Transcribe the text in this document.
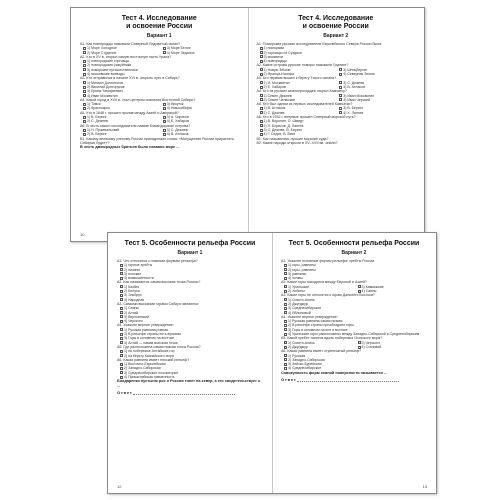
Тест 4. Исследование
и освоение России
Вариант 1
А1. Как новгородцы называли Северный Ледовитый океан?
1) Море Холодное	3) Море Белое
2) Море Студеное	4) Море Ледяное
А2. Кто в XV в. открыл самую восточную часть Урала?
1) новгородские торговцы
2) новгородские ушкуйники
3) поморские путешественники
4) московские воеводы
А3. Кто отправился в начале XVI в. открыть путь в Сибирь?
1) Михаил Долгоногов
2) Василий Долгоруков
3) Ермак Тимофеевич
4) Иван Москвитин
А4. Какой город в XVII в. стал центром освоения Восточной Сибири?
1) Томск	3) Иркутск
2) Красноярск	4) Новосибирск
А5. Кто в 1648 г. прошел пролив между Азией и Америкой?
1) В. Беринг	3) А. Чириков
2) С. Дежнев	4) Е. Хабаров
А6. В честь какого исследователя назван Командорские острова?
1) Н. Пржевальский	3) С. Дежнев
2) В. Беринг	4) В. Атласов
В1. Какому великому ученому России принадлежат слова: «Могущество России прирастать Сибирью будет»?
В честь двоюродных братьев было названо море ...
10
Тест 4. Исследование
и освоение России
Вариант 2
А1. Поморские русские исследователи Европейского Севера России были:
1) поморами
2) торговцы из Суздаля
3) москвичи
4) новгородцы
А2. Какие острова русские поморы называли Грумант?
1) Новую Землю	3) Шпицберген
2) Франца-Иосифа	4) Северная Земля
А3. Кто первым вышел к берегу Тихого океана?
1) И. Москвитин	3) С. Дежнев
2) Е. Хабаров	4) В. Атласов
А4. Кто из русских землепроходцев открыл Камчатку?
1) Семен Дежнев	3) Иван Москвитин
2) Семен Челюскин	4) Иван Черский
А5. Кто был одним из первых исследователей Камчатки?
1) В. Атласов	3) В. Беринг
2) С. Дежнев	4) Х. Лаптев
А6. Кто в 1932 г. впервые прошел Северный морской путь?
1) В. Воронин, О. Шмидт
2) Л. Борисов, Д. Лаптев
3) С. Дежнев, В. Беринг
4) Г. Седов, В. Визе
В1. Как назывались лучшие морские суда?
В2. Какие народы открыли в XV–XVII вв. земли?
Тест 5. Особенности рельефа России
Вариант 1
А1. Что относится к главным формам рельефа?
1) горные хребты
2) низины
3) плоские
4) возвышенности
А2. Как называется самая высокая точка России?
1) Казбек
2) Белуха
3) Эльбрус
4) Народная
А3. Самыми высокими горами Сибири являются:
1) Саяны
2) Алтай
3) Верхоянский
4) Черского
А4. Укажите верное утверждение:
1) Русская равнина ровная
2) В рельефе страны есть вулканы
3) Горы в основном на востоке
4) Алтай — самая высокая точка
А5. Где расположена самая низкая точка России?
1) на побережье Алтайских гор
2) на берегу Каспийского моря
А6. Какая равнина имеет плоский рельеф?
1) Восточно-Европейская
2) Западно-Сибирская
3) Среднесибирское плоскогорье
4) Прикаспийская низменность
Бондаренко пустыню рос о России тянет на север, а его свидетельствует о ...
Ответ
12
Тест 5. Особенности рельефа России
Вариант 2
А1. Укажите основные формы рельефа: хребты России.
1) горы, равнины
2) горы, равнины
3) равнины
4) холмы
А2. Какие горы находятся между Европой и Азией?
1) Уральские	3) Кавказские
2) Хибины	4) Саяны
А3. Какие горы не относятся к горам Дальнего Востока?
1) Сихотэ-Алинь
2) Джугджур
3) Среднесибирское
4) Яблоновый
А4. Укажите верное утверждение:
1) Русская равнина самая низкая
2) В рельефе страны преобладают горы
3) Горы в основном на юге и востоке
4) Уральские горы расположены между Западно-Сибирской и Среднесибирским
А5. Какой хребет тянется вдоль побережья Охотского моря?
1) Сихотэ-Алинь	3) Черского
2) Джугджур	4) Становой
А6. Какая равнина имеет ступенчатый рельеф?
1) Русская
2) Западно-Сибирская
3) Зейско-Бурейская
4) Среднесибирское
Совокупность форм земной поверхности называется ...
Ответ
13
